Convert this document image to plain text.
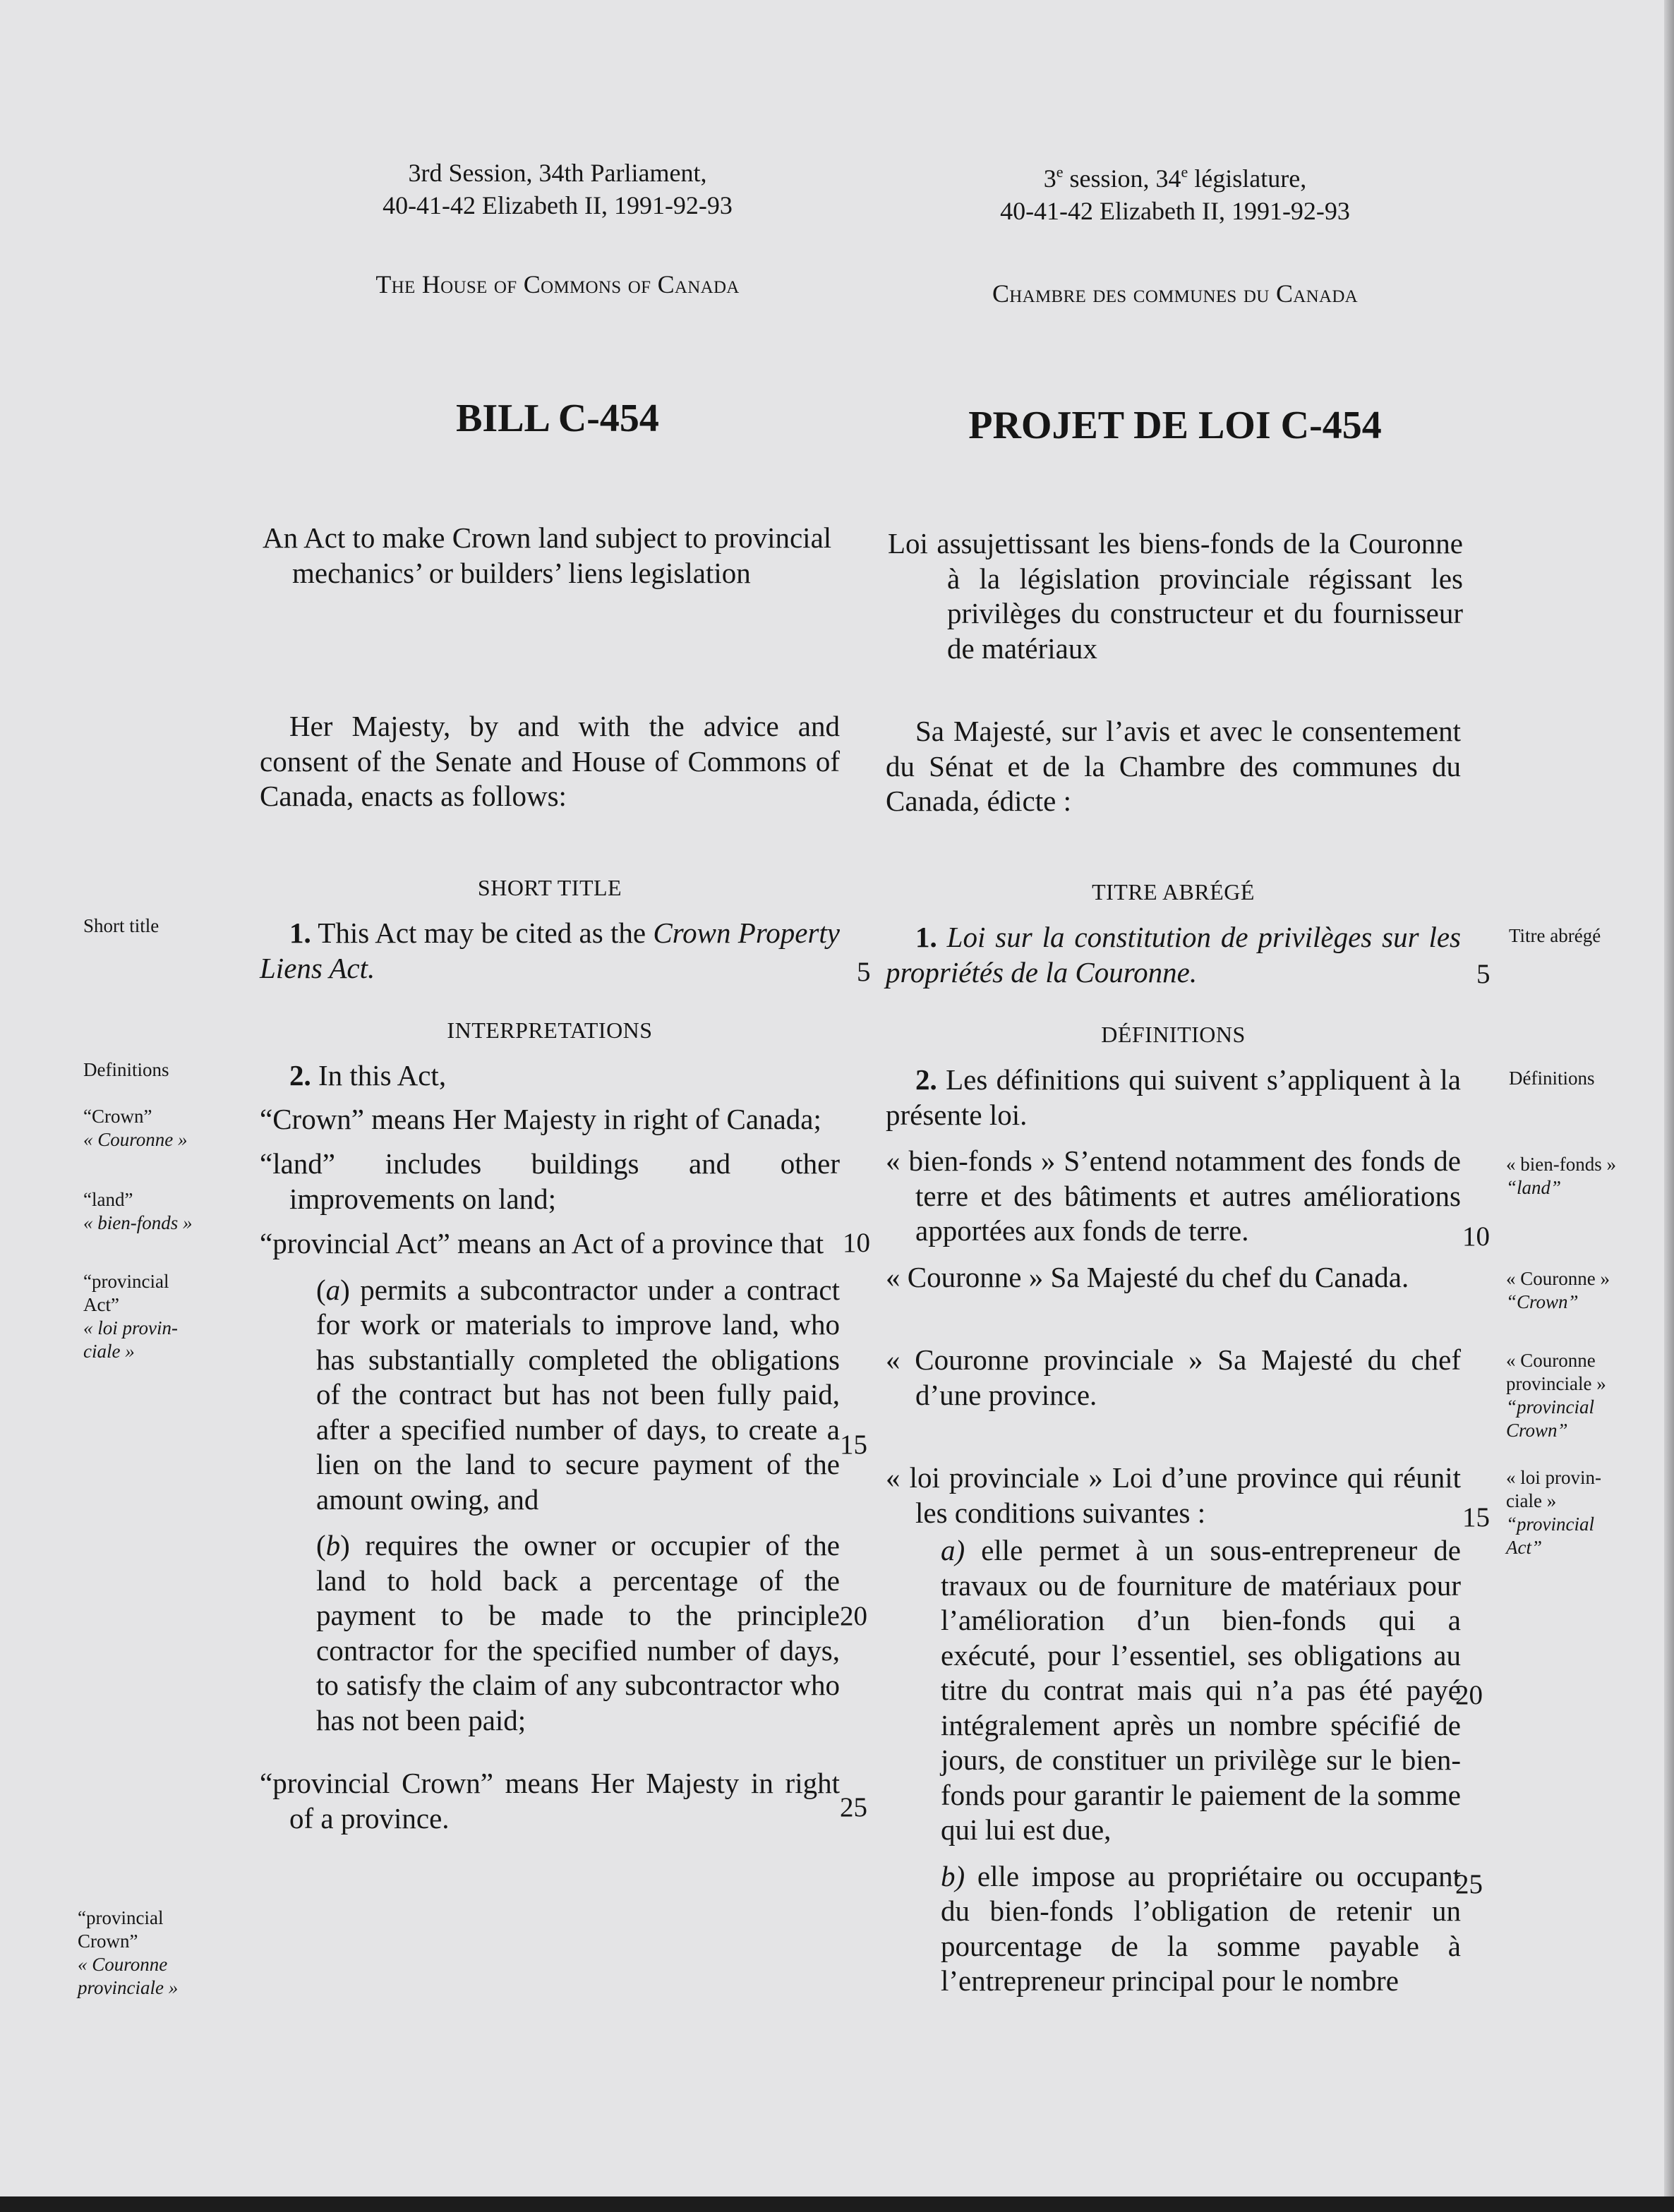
3rd Session, 34th Parliament,

40-41-42 Elizabeth II, 1991-92-93

The House of Commons of Canada
BILL C-454

3e session, 34e législature,

40-41-42 Elizabeth II, 1991-92-93

Chambre des communes du Canada
PROJET DE LOI C-454

An Act to make Crown land subject to provincial mechanics’ or builders’ liens legislation

Loi assujettissant les biens-fonds de la Couronne à la législation provinciale régissant les privilèges du constructeur et du fournisseur de matériaux

Her Majesty, by and with the advice and consent of the Senate and House of Commons of Canada, enacts as follows:

Sa Majesté, sur l’avis et avec le consentement du Sénat et de la Chambre des communes du Canada, édicte :

SHORT TITLE	TITRE ABRÉGÉ

1. This Act may be cited as the Crown Property Liens Act.

1. Loi sur la constitution de privilèges sur les propriétés de la Couronne.

INTERPRETATIONS	DÉFINITIONS

2. In this Act,

“Crown” means Her Majesty in right of Canada;

“land” includes buildings and other improvements on land;

“provincial Act” means an Act of a province that

(a) permits a subcontractor under a contract for work or materials to improve land, who has substantially completed the obligations of the contract but has not been fully paid, after a specified number of days, to create a lien on the land to secure payment of the amount owing, and

(b) requires the owner or occupier of the land to hold back a percentage of the payment to be made to the principle contractor for the specified number of days, to satisfy the claim of any subcontractor who has not been paid;

“provincial Crown” means Her Majesty in right of a province.

2. Les définitions qui suivent s’appliquent à la présente loi.

« bien-fonds » S’entend notamment des fonds de terre et des bâtiments et autres améliorations apportées aux fonds de terre.

« Couronne » Sa Majesté du chef du Canada.

« Couronne provinciale » Sa Majesté du chef d’une province.

« loi provinciale » Loi d’une province qui réunit les conditions suivantes :

a) elle permet à un sous-entrepreneur de travaux ou de fourniture de matériaux pour l’amélioration d’un bien-fonds qui a exécuté, pour l’essentiel, ses obligations au titre du contrat mais qui n’a pas été payé intégralement après un nombre spécifié de jours, de constituer un privilège sur le bien-fonds pour garantir le paiement de la somme qui lui est due,

b) elle impose au propriétaire ou occupant du bien-fonds l’obligation de retenir un pourcentage de la somme payable à l’entrepreneur principal pour le nombre

5
10
15
20
25
5
10
15
20
25
Short title
Definitions

“Crown”

« Couronne »

“land”

« bien-fonds »

“provincial

Act”

« loi provin-

ciale »

“provincial

Crown”

« Couronne

provinciale »

Titre abrégé
Définitions

« bien-fonds »

“land”

« Couronne »

“Crown”

« Couronne

provinciale »

“provincial

Crown”

« loi provin-

ciale »

“provincial

Act”
